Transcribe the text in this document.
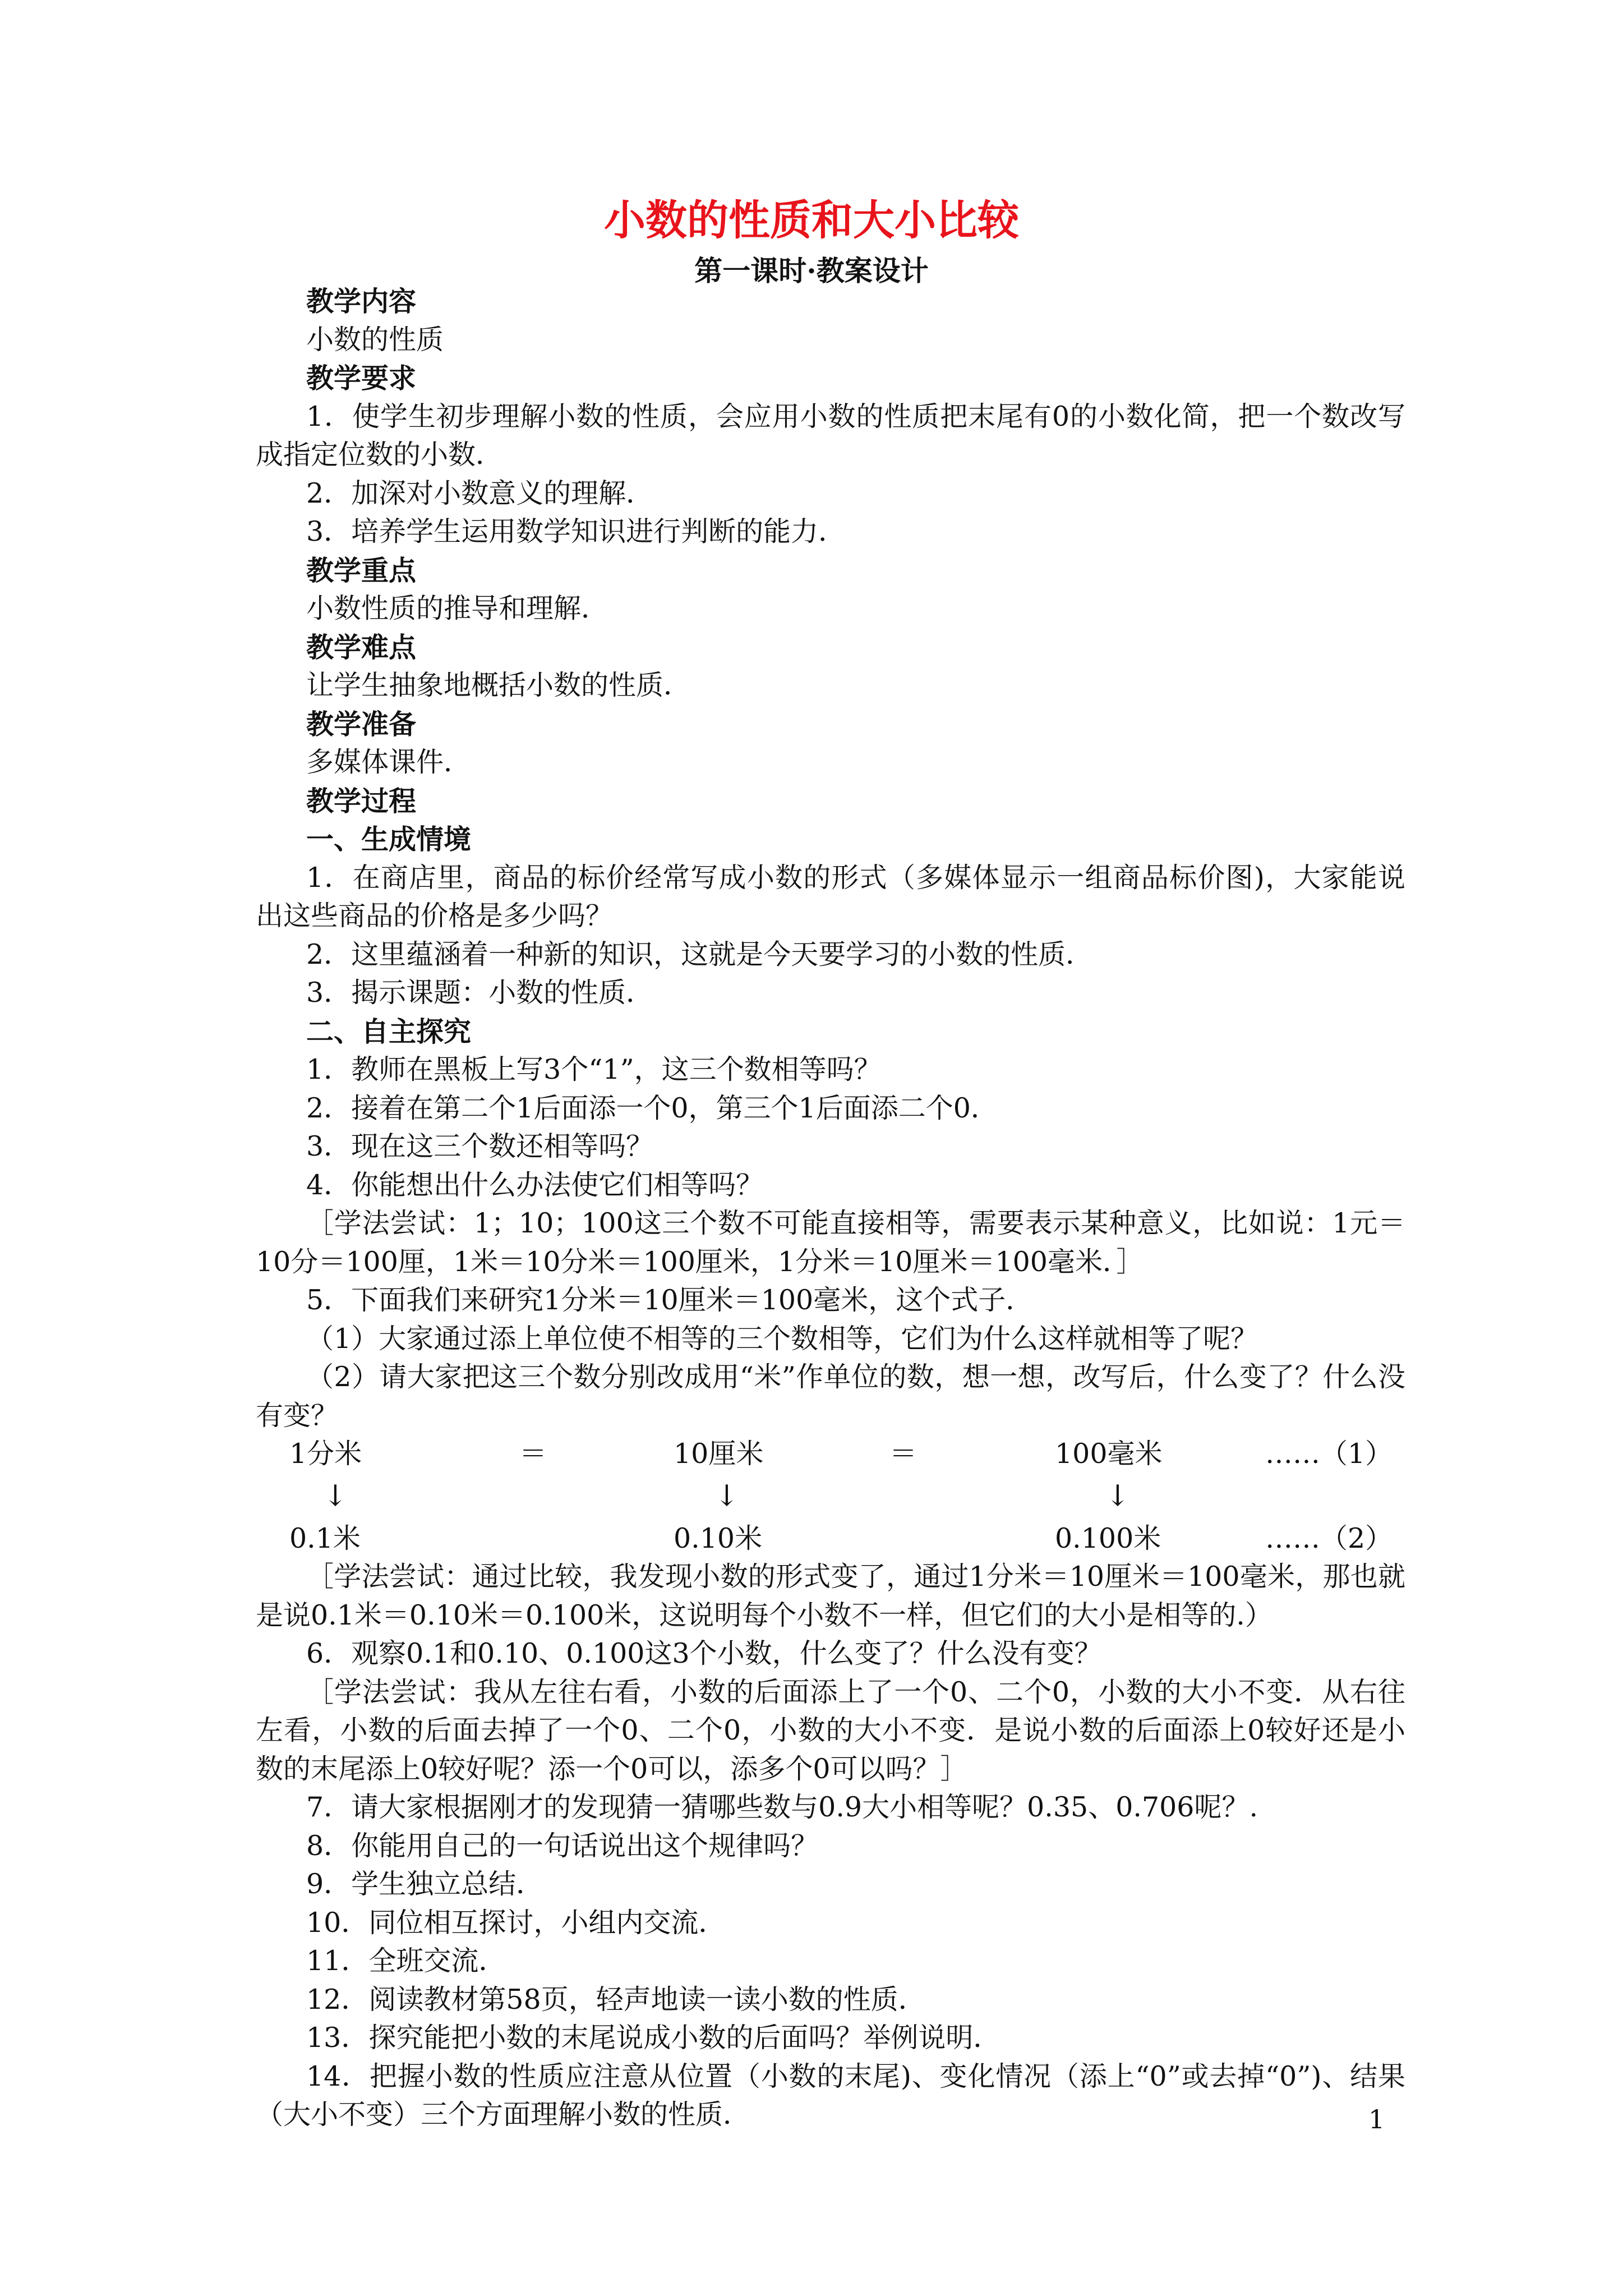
小数的性质和大小比较
第一课时·教案设计

教学内容

小数的性质

教学要求

1．使学生初步理解小数的性质，会应用小数的性质把末尾有0的小数化简，把一个数改写成指定位数的小数．

2．加深对小数意义的理解．

3．培养学生运用数学知识进行判断的能力．

教学重点

小数性质的推导和理解．

教学难点

让学生抽象地概括小数的性质．

教学准备

多媒体课件．

教学过程

一、生成情境

1．在商店里，商品的标价经常写成小数的形式（多媒体显示一组商品标价图)，大家能说出这些商品的价格是多少吗？

2．这里蕴涵着一种新的知识，这就是今天要学习的小数的性质．

3．揭示课题：小数的性质．

二、自主探究

1．教师在黑板上写3个“1”，这三个数相等吗？

2．接着在第二个1后面添一个0，第三个1后面添二个0．

3．现在这三个数还相等吗？

4．你能想出什么办法使它们相等吗？

［学法尝试：1；10；100这三个数不可能直接相等，需要表示某种意义，比如说：1元＝10分＝100厘，1米＝10分米＝100厘米，1分米＝10厘米＝100毫米．］

5．下面我们来研究1分米＝10厘米＝100毫米，这个式子．

（1）大家通过添上单位使不相等的三个数相等，它们为什么这样就相等了呢？

（2）请大家把这三个数分别改成用“米”作单位的数，想一想，改写后，什么变了？什么没有变？

1分米	＝	10厘米	＝	100毫米	……（1）
↓	↓	↓
0.1米	0.10米	0.100米	……（2）

［学法尝试：通过比较，我发现小数的形式变了，通过1分米＝10厘米＝100毫米，那也就是说0.1米＝0.10米＝0.100米，这说明每个小数不一样，但它们的大小是相等的.）

6．观察0.1和0.10、0.100这3个小数，什么变了？什么没有变？

［学法尝试：我从左往右看，小数的后面添上了一个0、二个0，小数的大小不变．从右往左看，小数的后面去掉了一个0、二个0，小数的大小不变．是说小数的后面添上0较好还是小数的末尾添上0较好呢？添一个0可以，添多个0可以吗？］

7．请大家根据刚才的发现猜一猜哪些数与0.9大小相等呢？0.35、0.706呢？.

8．你能用自己的一句话说出这个规律吗？

9．学生独立总结．

10．同位相互探讨，小组内交流．

11．全班交流．

12．阅读教材第58页，轻声地读一读小数的性质．

13．探究能把小数的末尾说成小数的后面吗？举例说明．

14．把握小数的性质应注意从位置（小数的末尾)、变化情况（添上“0”或去掉“0”)、结果（大小不变）三个方面理解小数的性质．	1
